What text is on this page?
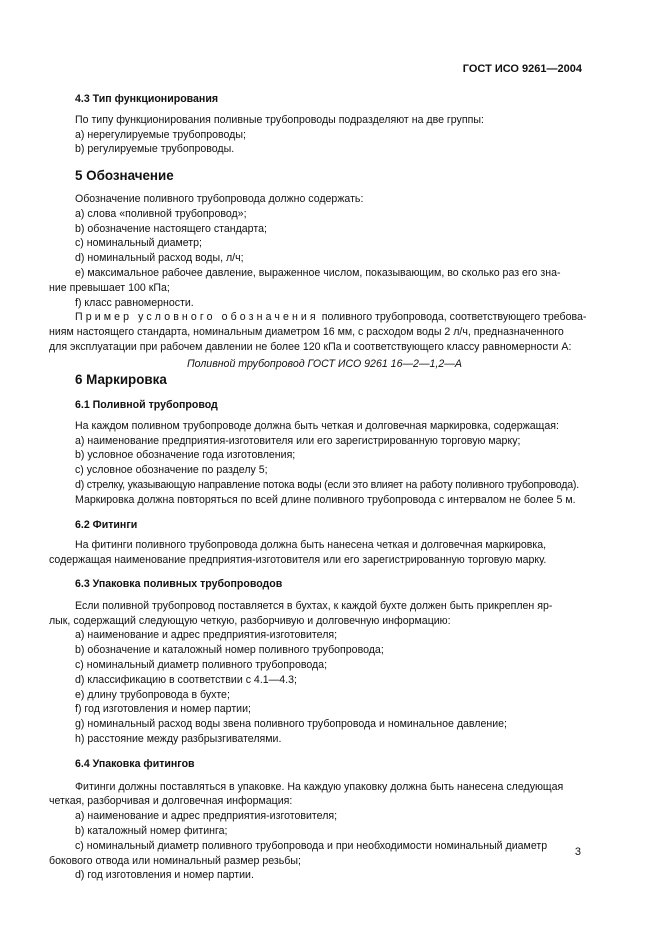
ГОСТ ИСО 9261—2004

4.3 Тип функционирования

По типу функционирования поливные трубопроводы подразделяют на две группы:

a) нерегулируемые трубопроводы;

b) регулируемые трубопроводы.

5 Обозначение

Обозначение поливного трубопровода должно содержать:

a) слова «поливной трубопровод»;

b) обозначение настоящего стандарта;

c) номинальный диаметр;

d) номинальный расход воды, л/ч;

e) максимальное рабочее давление, выраженное числом, показывающим, во сколько раз его зна-

ние превышает 100 кПа;

f) класс равномерности.

Пример условного обозначения поливного трубопровода, соответствующего требова-

ниям настоящего стандарта, номинальным диаметром 16 мм, с расходом воды 2 л/ч, предназначенного

для эксплуатации при рабочем давлении не более 120 кПа и соответствующего классу равномерности А:

Поливной трубопровод ГОСТ ИСО 9261 16—2—1,2—А

6 Маркировка

6.1 Поливной трубопровод

На каждом поливном трубопроводе должна быть четкая и долговечная маркировка, содержащая:

a) наименование предприятия-изготовителя или его зарегистрированную торговую марку;

b) условное обозначение года изготовления;

c) условное обозначение по разделу 5;

d) стрелку, указывающую направление потока воды (если это влияет на работу поливного трубопровода).

Маркировка должна повторяться по всей длине поливного трубопровода с интервалом не более 5 м.

6.2 Фитинги

На фитинги поливного трубопровода должна быть нанесена четкая и долговечная маркировка,

содержащая наименование предприятия-изготовителя или его зарегистрированную торговую марку.

6.3 Упаковка поливных трубопроводов

Если поливной трубопровод поставляется в бухтах, к каждой бухте должен быть прикреплен яр-

лык, содержащий следующую четкую, разборчивую и долговечную информацию:

a) наименование и адрес предприятия-изготовителя;

b) обозначение и каталожный номер поливного трубопровода;

c) номинальный диаметр поливного трубопровода;

d) классификацию в соответствии с 4.1—4.3;

e) длину трубопровода в бухте;

f) год изготовления и номер партии;

g) номинальный расход воды звена поливного трубопровода и номинальное давление;

h) расстояние между разбрызгивателями.

6.4 Упаковка фитингов

Фитинги должны поставляться в упаковке. На каждую упаковку должна быть нанесена следующая

четкая, разборчивая и долговечная информация:

a) наименование и адрес предприятия-изготовителя;

b) каталожный номер фитинга;

c) номинальный диаметр поливного трубопровода и при необходимости номинальный диаметр

бокового отвода или номинальный размер резьбы;

d) год изготовления и номер партии.

3
